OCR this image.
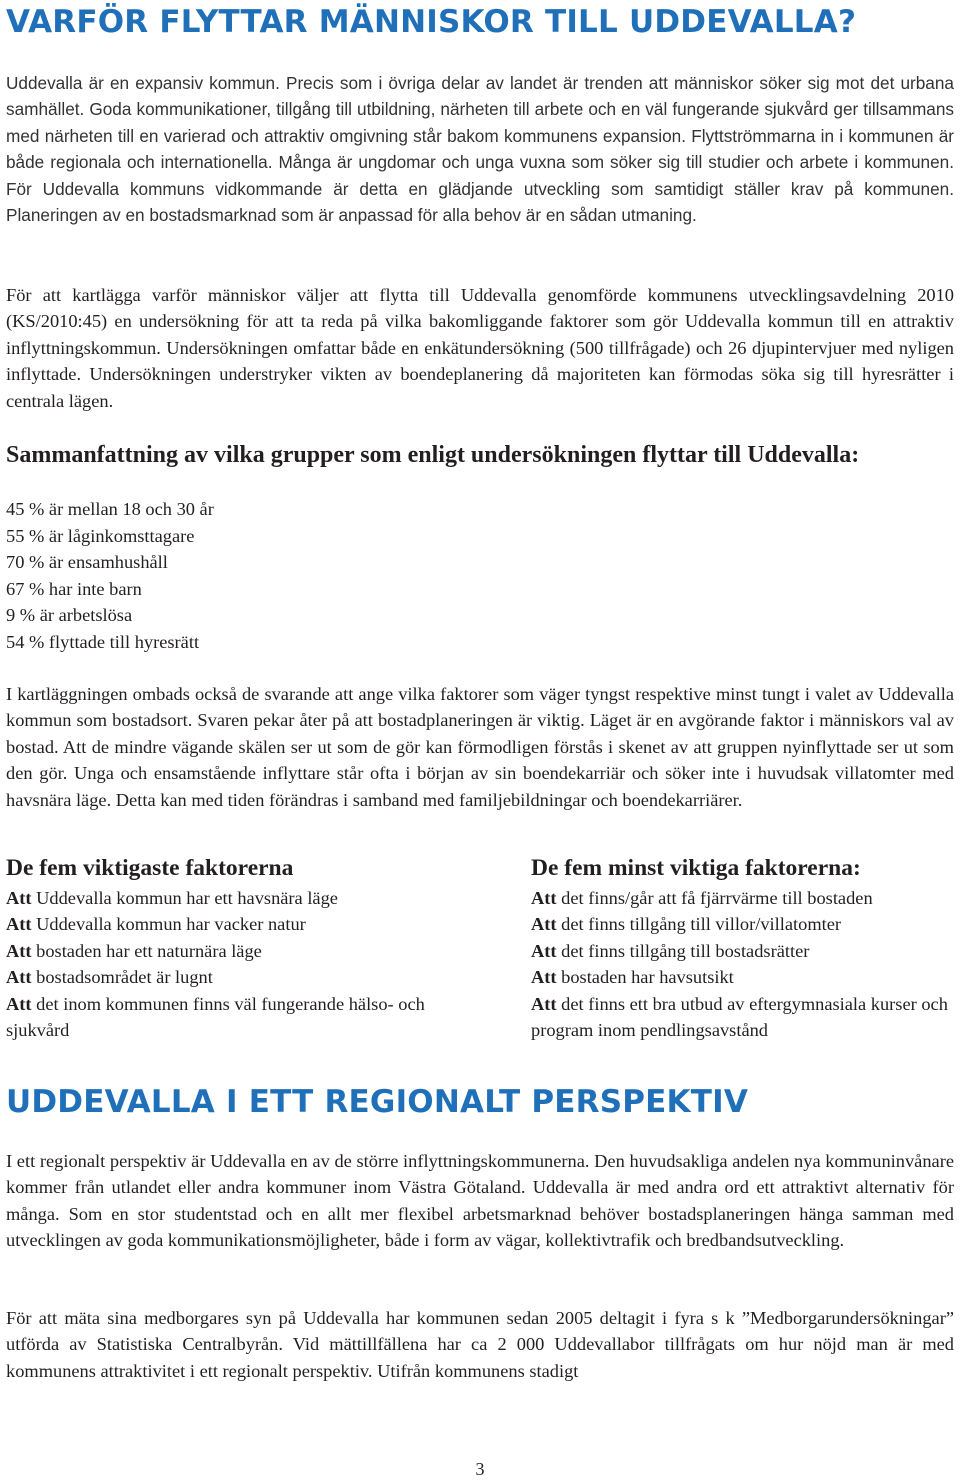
VARFÖR FLYTTAR MÄNNISKOR TILL UDDEVALLA?

Uddevalla är en expansiv kommun. Precis som i övriga delar av landet är trenden att människor söker sig mot det urbana samhället. Goda kommunikationer, tillgång till utbildning, närheten till arbete och en väl fungerande sjukvård ger tillsammans med närheten till en varierad och attraktiv omgivning står bakom kommunens expansion. Flyttströmmarna in i kommunen är både regionala och internationella. Många är ungdomar och unga vuxna som söker sig till studier och arbete i kommunen. För Uddevalla kommuns vidkommande är detta en glädjande utveckling som samtidigt ställer krav på kommunen. Planeringen av en bostadsmarknad som är anpassad för alla behov är en sådan utmaning.

För att kartlägga varför människor väljer att flytta till Uddevalla genomförde kommunens utvecklingsavdelning 2010 (KS/2010:45) en undersökning för att ta reda på vilka bakomliggande faktorer som gör Uddevalla kommun till en attraktiv inflyttningskommun. Undersökningen omfattar både en enkätundersökning (500 tillfrågade) och 26 djupintervjuer med nyligen inflyttade. Undersökningen understryker vikten av boendeplanering då majoriteten kan förmodas söka sig till hyresrätter i centrala lägen.

Sammanfattning av vilka grupper som enligt undersökningen flyttar till Uddevalla:
45 % är mellan 18 och 30 år
55 % är låginkomsttagare
70 % är ensamhushåll
67 % har inte barn
9 % är arbetslösa
54 % flyttade till hyresrätt

I kartläggningen ombads också de svarande att ange vilka faktorer som väger tyngst respektive minst tungt i valet av Uddevalla kommun som bostadsort. Svaren pekar åter på att bostadplaneringen är viktig. Läget är en avgörande faktor i människors val av bostad. Att de mindre vägande skälen ser ut som de gör kan förmodligen förstås i skenet av att gruppen nyinflyttade ser ut som den gör. Unga och ensamstående inflyttare står ofta i början av sin boendekarriär och söker inte i huvudsak villatomter med havsnära läge. Detta kan med tiden förändras i samband med familjebildningar och boendekarriärer.

De fem viktigaste faktorerna
Att Uddevalla kommun har ett havsnära läge
Att Uddevalla kommun har vacker natur
Att bostaden har ett naturnära läge
Att bostadsområdet är lugnt
Att det inom kommunen finns väl fungerande hälso- och sjukvård
De fem minst viktiga faktorerna:
Att det finns/går att få fjärrvärme till bostaden
Att det finns tillgång till villor/villatomter
Att det finns tillgång till bostadsrätter
Att bostaden har havsutsikt
Att det finns ett bra utbud av eftergymnasiala kurser och program inom pendlingsavstånd
UDDEVALLA I ETT REGIONALT PERSPEKTIV

I ett regionalt perspektiv är Uddevalla en av de större inflyttningskommunerna. Den huvudsakliga andelen nya kommuninvånare kommer från utlandet eller andra kommuner inom Västra Götaland. Uddevalla är med andra ord ett attraktivt alternativ för många. Som en stor studentstad och en allt mer flexibel arbetsmarknad behöver bostadsplaneringen hänga samman med utvecklingen av goda kommunikationsmöjligheter, både i form av vägar, kollektivtrafik och bredbandsutveckling.

För att mäta sina medborgares syn på Uddevalla har kommunen sedan 2005 deltagit i fyra s k ”Medborgarundersökningar” utförda av Statistiska Centralbyrån. Vid mättillfällena har ca 2 000 Uddevallabor tillfrågats om hur nöjd man är med kommunens attraktivitet i ett regionalt perspektiv. Utifrån kommunens stadigt

3
